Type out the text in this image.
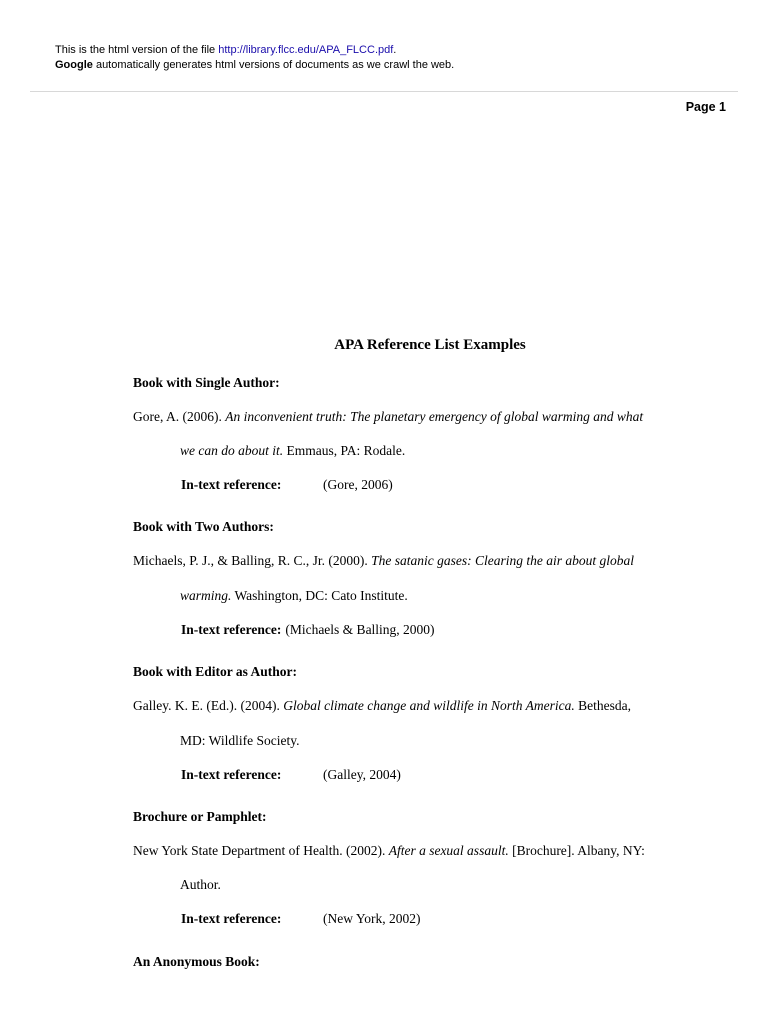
This is the html version of the file http://library.flcc.edu/APA_FLCC.pdf.
Google automatically generates html versions of documents as we crawl the web.
Page 1
APA Reference List Examples
Book with Single Author:
Gore, A. (2006). An inconvenient truth: The planetary emergency of global warming and what
we can do about it. Emmaus, PA: Rodale.
In-text reference:	(Gore, 2006)
Book with Two Authors:
Michaels, P. J., & Balling, R. C., Jr. (2000). The satanic gases: Clearing the air about global
warming. Washington, DC: Cato Institute.
In-text reference: (Michaels & Balling, 2000)
Book with Editor as Author:
Galley. K. E. (Ed.). (2004). Global climate change and wildlife in North America. Bethesda,
MD: Wildlife Society.
In-text reference:	(Galley, 2004)
Brochure or Pamphlet:
New York State Department of Health. (2002). After a sexual assault. [Brochure]. Albany, NY:
Author.
In-text reference:	(New York, 2002)
An Anonymous Book:
